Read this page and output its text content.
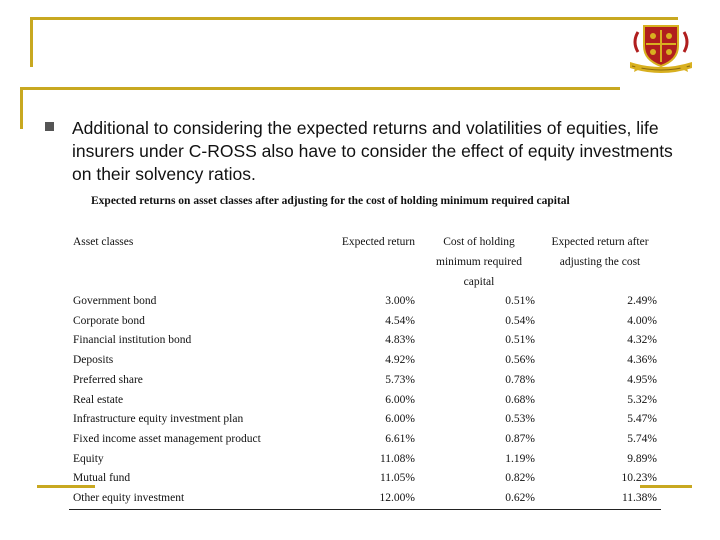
Additional to considering the expected returns and volatilities of equities, life insurers under C-ROSS also have to consider the effect of equity investments on their solvency ratios.
Expected returns on asset classes after adjusting for the cost of holding minimum required capital
Asset classes	Expected return	Cost of holding minimum required capital	Expected return after adjusting the cost
Government bond	3.00%	0.51%	2.49%
Corporate bond	4.54%	0.54%	4.00%
Financial institution bond	4.83%	0.51%	4.32%
Deposits	4.92%	0.56%	4.36%
Preferred share	5.73%	0.78%	4.95%
Real estate	6.00%	0.68%	5.32%
Infrastructure equity investment plan	6.00%	0.53%	5.47%
Fixed income asset management product	6.61%	0.87%	5.74%
Equity	11.08%	1.19%	9.89%
Mutual fund	11.05%	0.82%	10.23%
Other equity investment	12.00%	0.62%	11.38%
